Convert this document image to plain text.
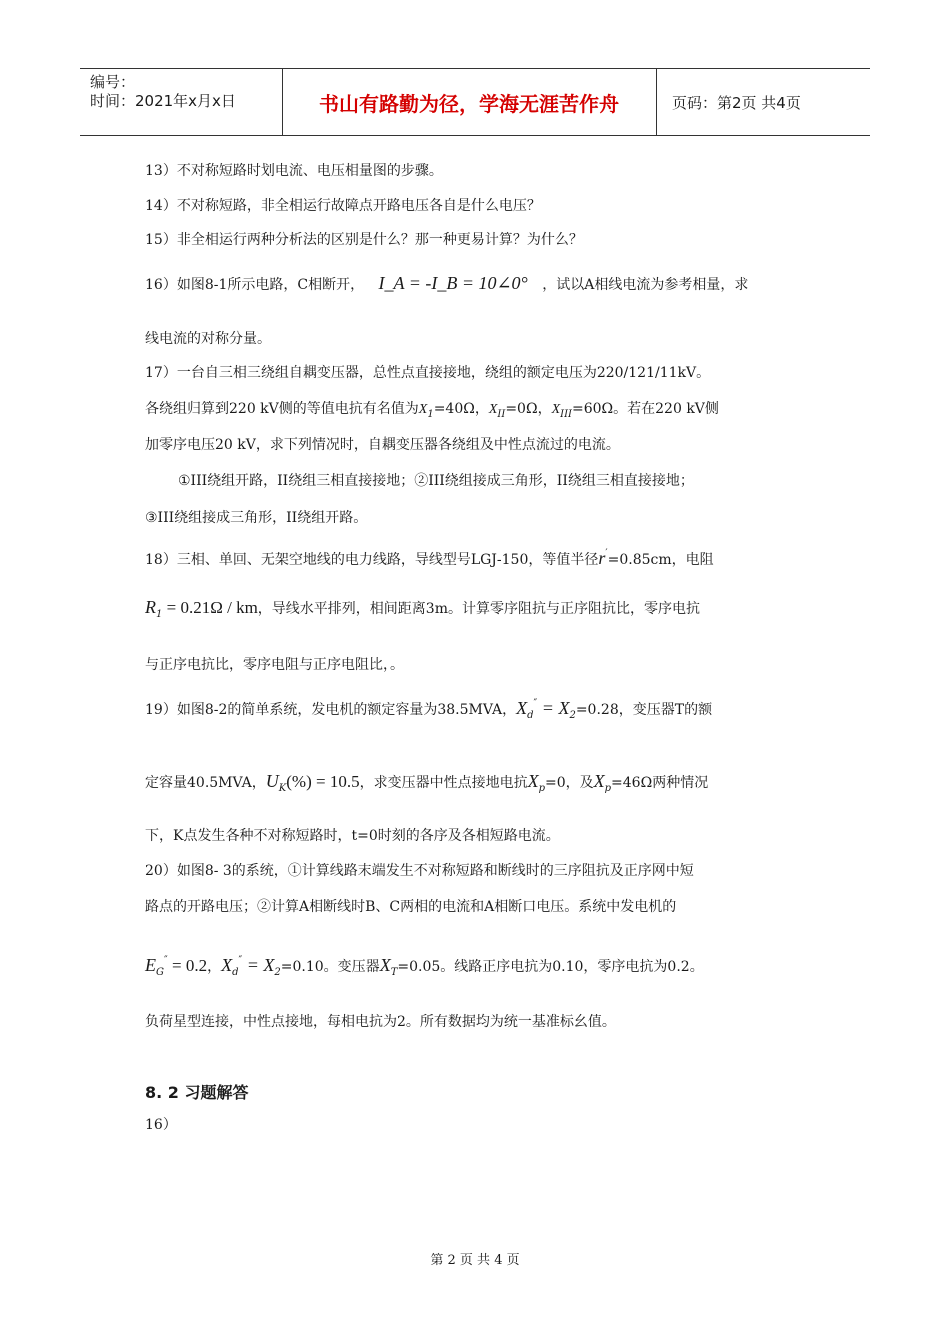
编号：
时间：2021年x月x日	书山有路勤为径，学海无涯苦作舟	页码：第2页 共4页
13）不对称短路时划电流、电压相量图的步骤。
14）不对称短路，非全相运行故障点开路电压各自是什么电压？
15）非全相运行两种分析法的区别是什么？那一种更易计算？为什么？
16）如图8-1所示电路，C相断开， I_A = -I_B = 10∠0° ，试以A相线电流为参考相量，求
线电流的对称分量。
17）一台自三相三绕组自耦变压器，总性点直接接地，绕组的额定电压为220/121/11kV。
各绕组归算到220 kV侧的等值电抗有名值为$X_1=40\Omega$，$X_{II}=0\Omega$，$X_{III}=60\Omega$。若在220 kV侧
加零序电压20 kV，求下列情况时，自耦变压器各绕组及中性点流过的电流。
①III绕组开路，II绕组三相直接接地；②III绕组接成三角形，II绕组三相直接接地；
③III绕组接成三角形，II绕组开路。
18）三相、单回、无架空地线的电力线路，导线型号LGJ-150，等值半径r′=0.85cm，电阻
$R_1 = 0.21\Omega$ / km，导线水平排列，相间距离3m。计算零序阻抗与正序阻抗比，零序电抗
与正序电抗比，零序电阻与正序电阻比，。
19）如图8-2的简单系统，发电机的额定容量为38.5MVA，$X_d'' = X_2=0.28$，变压器T的额
定容量40.5MVA，$U_K(\%) = 10.5$，求变压器中性点接地电抗$X_p=0$，及$X_p=46\Omega$两种情况
下，K点发生各种不对称短路时，t=0时刻的各序及各相短路电流。
20）如图8- 3的系统，①计算线路末端发生不对称短路和断线时的三序阻抗及正序网中短
路点的开路电压；②计算A相断线时B、C两相的电流和A相断口电压。系统中发电机的
$E_G'' = 0.2$，$X_d'' = X_2=0.10$。变压器$X_T=0.05$。线路正序电抗为0.10，零序电抗为0.2。
负荷星型连接，中性点接地，每相电抗为2。所有数据均为统一基准标幺值。
8. 2 习题解答
16）
第 2 页 共 4 页
